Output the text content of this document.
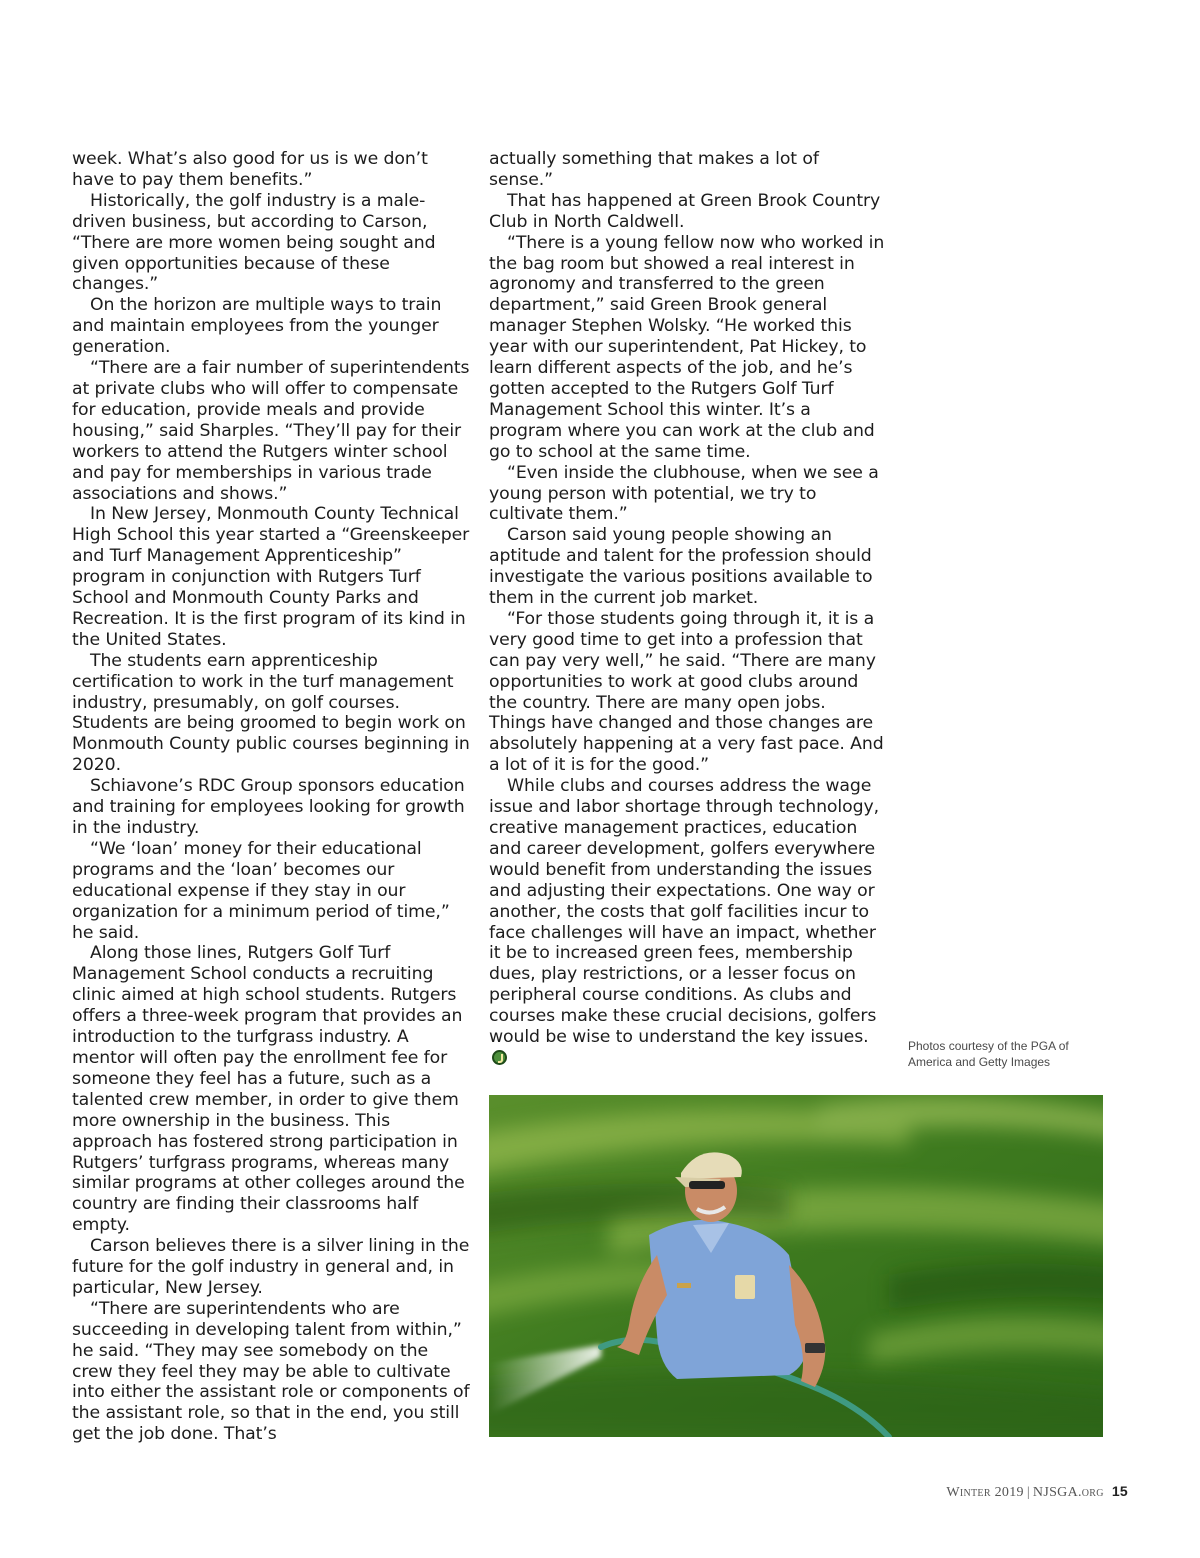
week. What’s also good for us is we don’t have to pay them benefits.”

Historically, the golf industry is a male-driven business, but according to Carson, “There are more women being sought and given opportunities because of these changes.”

On the horizon are multiple ways to train and maintain employees from the younger generation.

“There are a fair number of superintendents at private clubs who will offer to compensate for education, provide meals and provide housing,” said Sharples. “They’ll pay for their workers to attend the Rutgers winter school and pay for memberships in various trade associations and shows.”

In New Jersey, Monmouth County Technical High School this year started a “Greenskeeper and Turf Management Apprenticeship” program in conjunction with Rutgers Turf School and Monmouth County Parks and Recreation. It is the first program of its kind in the United States.

The students earn apprenticeship certification to work in the turf management industry, presumably, on golf courses. Students are being groomed to begin work on Monmouth County public courses beginning in 2020.

Schiavone’s RDC Group sponsors education and training for employees looking for growth in the industry.

“We ‘loan’ money for their educational programs and the ‘loan’ becomes our educational expense if they stay in our organization for a minimum period of time,” he said.

Along those lines, Rutgers Golf Turf Management School conducts a recruiting clinic aimed at high school students. Rutgers offers a three-week program that provides an introduction to the turfgrass industry. A mentor will often pay the enrollment fee for someone they feel has a future, such as a talented crew member, in order to give them more ownership in the business. This approach has fostered strong participation in Rutgers’ turfgrass programs, whereas many similar programs at other colleges around the country are finding their classrooms half empty.

Carson believes there is a silver lining in the future for the golf industry in general and, in particular, New Jersey.

“There are superintendents who are succeeding in developing talent from within,” he said. “They may see somebody on the crew they feel they may be able to cultivate into either the assistant role or components of the assistant role, so that in the end, you still get the job done. That’s

actually something that makes a lot of sense.”

That has happened at Green Brook Country Club in North Caldwell.

“There is a young fellow now who worked in the bag room but showed a real interest in agronomy and transferred to the green department,” said Green Brook general manager Stephen Wolsky. “He worked this year with our superintendent, Pat Hickey, to learn different aspects of the job, and he’s gotten accepted to the Rutgers Golf Turf Management School this winter. It’s a program where you can work at the club and go to school at the same time.

“Even inside the clubhouse, when we see a young person with potential, we try to cultivate them.”

Carson said young people showing an aptitude and talent for the profession should investigate the various positions available to them in the current job market.

“For those students going through it, it is a very good time to get into a profession that can pay very well,” he said. “There are many opportunities to work at good clubs around the country. There are many open jobs. Things have changed and those changes are absolutely happening at a very fast pace. And a lot of it is for the good.”

While clubs and courses address the wage issue and labor shortage through technology, creative management practices, education and career development, golfers everywhere would benefit from understanding the issues and adjusting their expectations. One way or another, the costs that golf facilities incur to face challenges will have an impact, whether it be to increased green fees, membership dues, play restrictions, or a lesser focus on peripheral course conditions. As clubs and courses make these crucial decisions, golfers would be wise to understand the key issues.	Photos courtesy of the PGA of America and Getty Images
Winter 2019 | NJSGA.org 15
